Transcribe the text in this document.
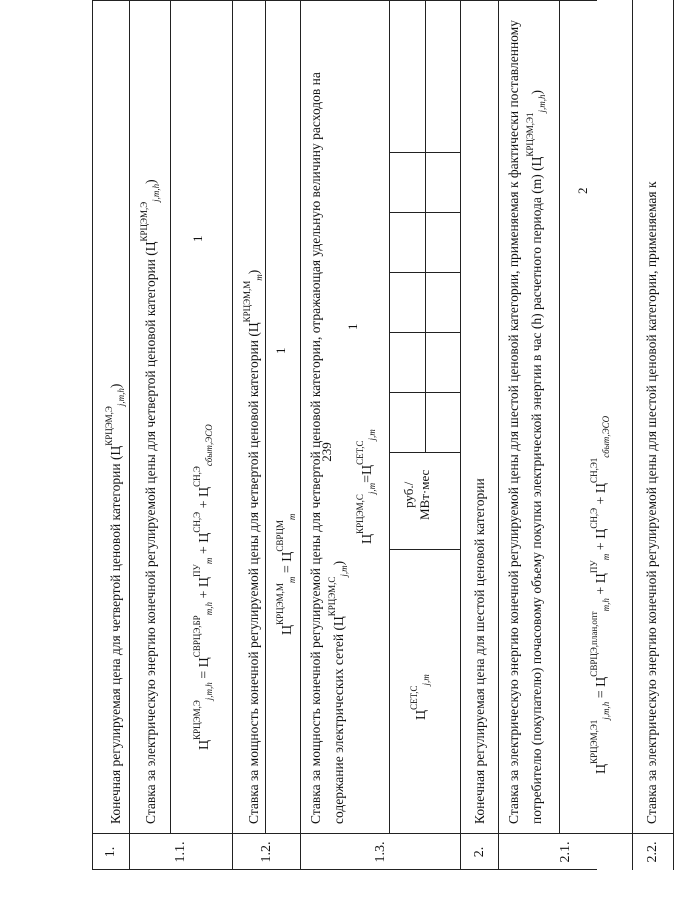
239
1.
Конечная регулируемая цена для четвертой ценовой категории $(Ц^{КРЦЭМ,Э}_{j,m,h})$
1.1.
Ставка за электрическую энергию конечной регулируемой цены для четвертой ценовой категории $(Ц^{КРЦЭМ,Э}_{j,m,h})$
$Ц^{КРЦЭМ,Э}_{j,m,h} = Ц^{СВРЦЭ,БР}_{m,h} + Ц^{ПУ}_m + Ц^{СН,Э} + Ц^{СН,Э}_{сбыт,ЭСО}$
1
1.2.
Ставка за мощность конечной регулируемой цены для четвертой ценовой категории $(Ц^{КРЦЭМ,М}_m)$
$Ц^{КРЦЭМ,М}_m = Ц^{СВРЦМ}_m$
1
1.3.
Ставка за мощность конечной регулируемой цены для четвертой ценовой категории, отражающая удельную величину расходов на содержание электрических сетей $(Ц^{КРЦЭМ,С}_{j,m})$
$Ц^{КРЦЭМ,С}_{j,m}=Ц^{СЕТ,С}_{j,m}$
1
$Ц^{СЕТ,С}_{j,m}$
руб./
МВт·мес
2.
Конечная регулируемая цена для шестой ценовой категории
2.1.
Ставка за электрическую энергию конечной регулируемой цены для шестой ценовой категории, применяемая к фактически поставленному потребителю (покупателю) почасовому объему покупки электрической энергии в час (h) расчетного периода (m) $(Ц^{КРЦЭМ,Э1}_{j,m,h})$
$Ц^{КРЦЭМ,Э1}_{j,m,h} = Ц^{СВРЦЭ,план,опт}_{m,h} + Ц^{ПУ}_m + Ц^{СН,Э} + Ц^{СН,Э1}_{сбыт,ЭСО}$
2
2.2.
Ставка за электрическую энергию конечной регулируемой цены для шестой ценовой категории, применяемая к
